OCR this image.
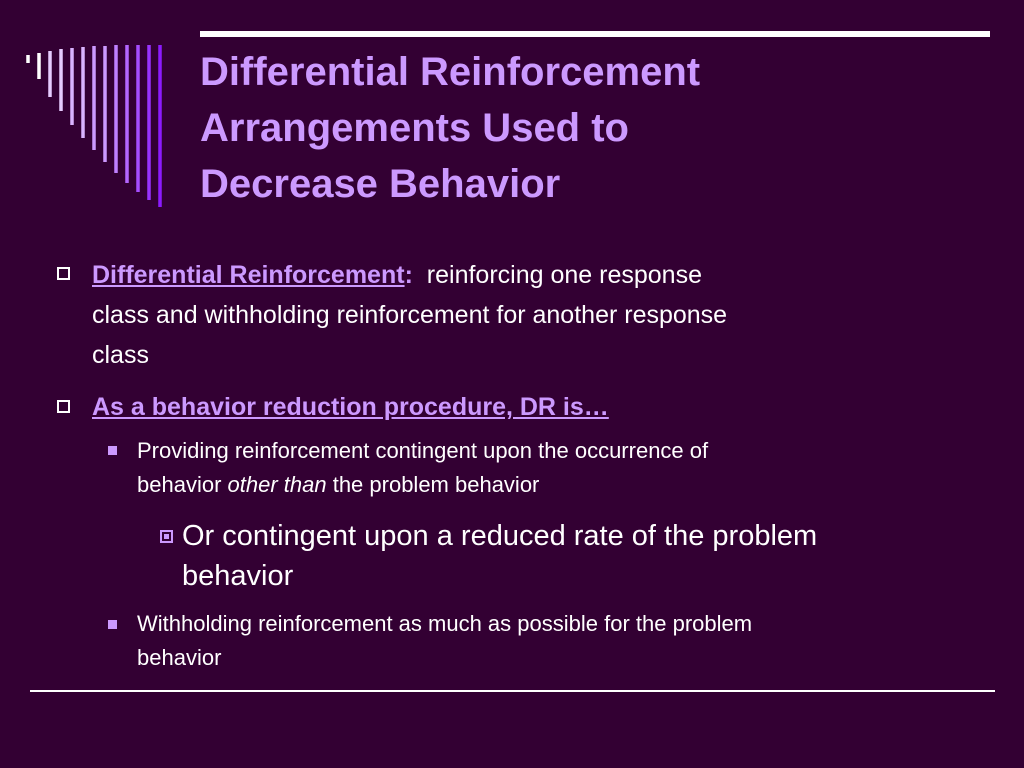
Differential Reinforcement
Arrangements Used to
Decrease Behavior

Differential Reinforcement: reinforcing one response
class and withholding reinforcement for another response
class

As a behavior reduction procedure, DR is…

Providing reinforcement contingent upon the occurrence of
behavior other than the problem behavior

Or contingent upon a reduced rate of the problem
behavior

Withholding reinforcement as much as possible for the problem
behavior
